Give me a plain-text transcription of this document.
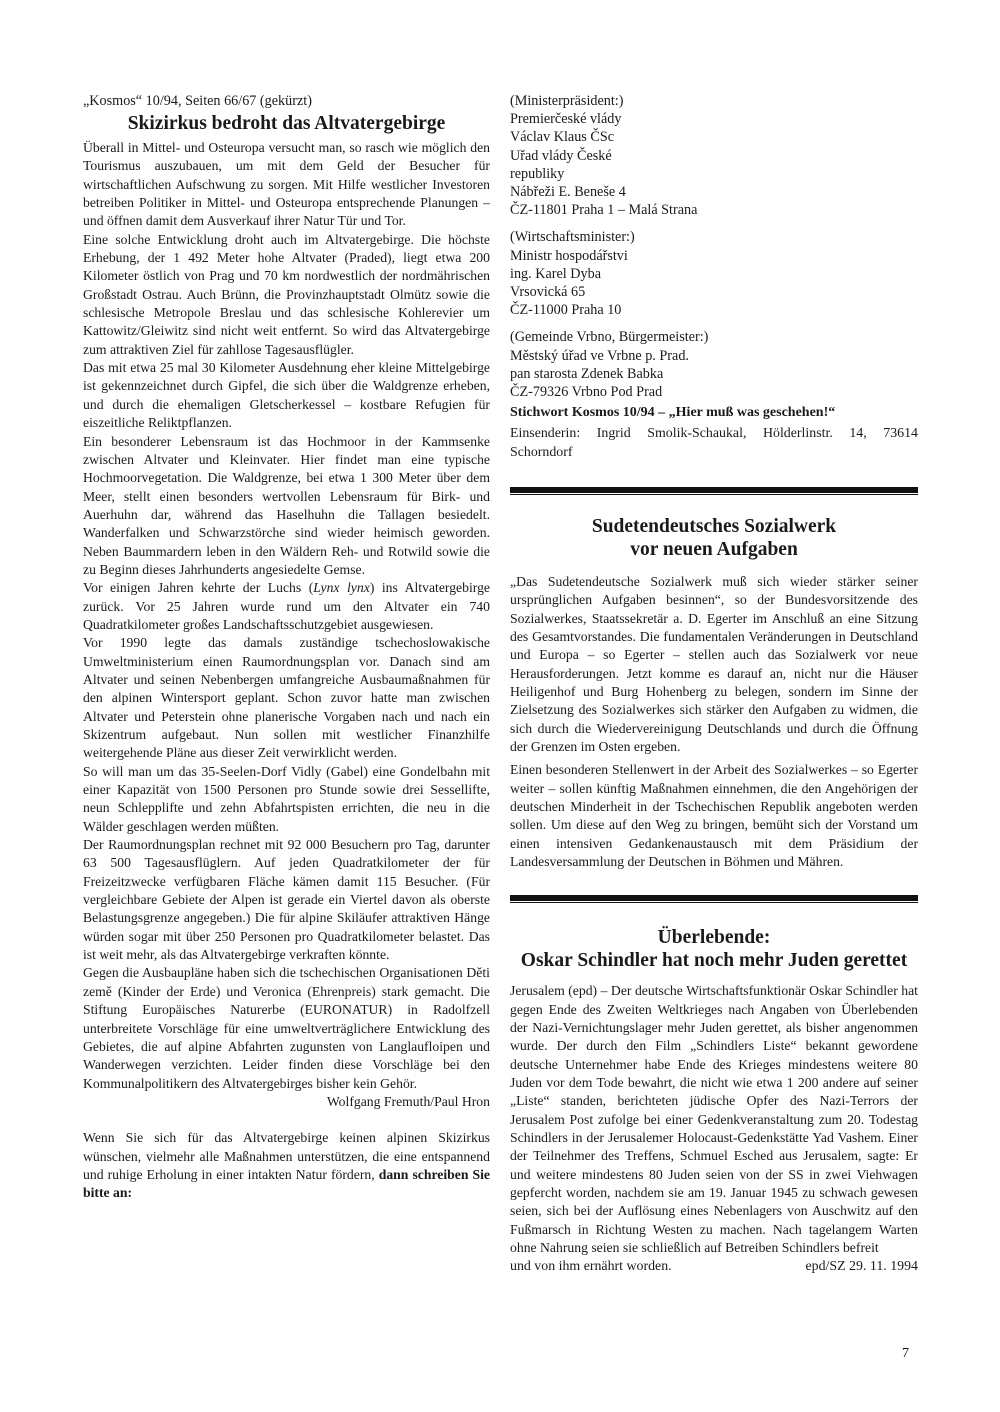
„Kosmos“ 10/94, Seiten 66/67 (gekürzt)

Skizirkus bedroht das Altvatergebirge

Überall in Mittel- und Osteuropa versucht man, so rasch wie möglich den Tourismus auszubauen, um mit dem Geld der Besucher für wirtschaftlichen Aufschwung zu sorgen. Mit Hilfe westlicher Investoren betreiben Politiker in Mittel- und Osteuropa entsprechende Planungen – und öffnen damit dem Ausverkauf ihrer Natur Tür und Tor.

Eine solche Entwicklung droht auch im Altvatergebirge. Die höchste Erhebung, der 1 492 Meter hohe Altvater (Praded), liegt etwa 200 Kilometer östlich von Prag und 70 km nordwestlich der nordmährischen Großstadt Ostrau. Auch Brünn, die Provinzhauptstadt Olmütz sowie die schlesische Metropole Breslau und das schlesische Kohlerevier um Kattowitz/Gleiwitz sind nicht weit entfernt. So wird das Altvatergebirge zum attraktiven Ziel für zahllose Tagesausflügler.

Das mit etwa 25 mal 30 Kilometer Ausdehnung eher kleine Mittelgebirge ist gekennzeichnet durch Gipfel, die sich über die Waldgrenze erheben, und durch die ehemaligen Gletscherkessel – kostbare Refugien für eiszeitliche Reliktpflanzen.

Ein besonderer Lebensraum ist das Hochmoor in der Kammsenke zwischen Altvater und Kleinvater. Hier findet man eine typische Hochmoorvegetation. Die Waldgrenze, bei etwa 1 300 Meter über dem Meer, stellt einen besonders wertvollen Lebensraum für Birk- und Auerhuhn dar, während das Haselhuhn die Tallagen besiedelt. Wanderfalken und Schwarzstörche sind wieder heimisch geworden. Neben Baummardern leben in den Wäldern Reh- und Rotwild sowie die zu Beginn dieses Jahrhunderts angesiedelte Gemse.

Vor einigen Jahren kehrte der Luchs (Lynx lynx) ins Altvatergebirge zurück. Vor 25 Jahren wurde rund um den Altvater ein 740 Quadratkilometer großes Landschaftsschutzgebiet ausgewiesen.

Vor 1990 legte das damals zuständige tschechoslowakische Umweltministerium einen Raumordnungsplan vor. Danach sind am Altvater und seinen Nebenbergen umfangreiche Ausbaumaßnahmen für den alpinen Wintersport geplant. Schon zuvor hatte man zwischen Altvater und Peterstein ohne planerische Vorgaben nach und nach ein Skizentrum aufgebaut. Nun sollen mit westlicher Finanzhilfe weitergehende Pläne aus dieser Zeit verwirklicht werden.

So will man um das 35-Seelen-Dorf Vidly (Gabel) eine Gondelbahn mit einer Kapazität von 1500 Personen pro Stunde sowie drei Sessellifte, neun Schlepplifte und zehn Abfahrtspisten errichten, die neu in die Wälder geschlagen werden müßten.

Der Raumordnungsplan rechnet mit 92 000 Besuchern pro Tag, darunter 63 500 Tagesausflüglern. Auf jeden Quadratkilometer der für Freizeitzwecke verfügbaren Fläche kämen damit 115 Besucher. (Für vergleichbare Gebiete der Alpen ist gerade ein Viertel davon als oberste Belastungsgrenze angegeben.) Die für alpine Skiläufer attraktiven Hänge würden sogar mit über 250 Personen pro Quadratkilometer belastet. Das ist weit mehr, als das Altvatergebirge verkraften könnte.

Gegen die Ausbaupläne haben sich die tschechischen Organisationen Děti země (Kinder der Erde) und Veronica (Ehrenpreis) stark gemacht. Die Stiftung Europäisches Naturerbe (EURONATUR) in Radolfzell unterbreitete Vorschläge für eine umweltverträglichere Entwicklung des Gebietes, die auf alpine Abfahrten zugunsten von Langlaufloipen und Wanderwegen verzichten. Leider finden diese Vorschläge bei den Kommunalpolitikern des Altvatergebirges bisher kein Gehör.

Wolfgang Fremuth/Paul Hron

Wenn Sie sich für das Altvatergebirge keinen alpinen Skizirkus wünschen, vielmehr alle Maßnahmen unterstützen, die eine entspannend und ruhige Erholung in einer intakten Natur fördern, dann schreiben Sie bitte an:

(Ministerpräsident:)
Premierčeské vlády
Václav Klaus ČSc
Uřad vlády České
republiky
Nábřeži E. Beneše 4
ČZ-11801 Praha 1 – Malá Strana
(Wirtschaftsminister:)
Ministr hospodářstvi
ing. Karel Dyba
Vrsovická 65
ČZ-11000 Praha 10
(Gemeinde Vrbno, Bürgermeister:)
Městský úřad ve Vrbne p. Prad.
pan starosta Zdenek Babka
ČZ-79326 Vrbno Pod Prad

Stichwort Kosmos 10/94 – „Hier muß was geschehen!“

Einsenderin: Ingrid Smolik-Schaukal, Hölderlinstr. 14, 73614 Schorndorf

Sudetendeutsches Sozialwerk
vor neuen Aufgaben

„Das Sudetendeutsche Sozialwerk muß sich wieder stärker seiner ursprünglichen Aufgaben besinnen“, so der Bundesvorsitzende des Sozialwerkes, Staatssekretär a. D. Egerter im Anschluß an eine Sitzung des Gesamtvorstandes. Die fundamentalen Veränderungen in Deutschland und Europa – so Egerter – stellen auch das Sozialwerk vor neue Herausforderungen. Jetzt komme es darauf an, nicht nur die Häuser Heiligenhof und Burg Hohenberg zu belegen, sondern im Sinne der Zielsetzung des Sozialwerkes sich stärker den Aufgaben zu widmen, die sich durch die Wiedervereinigung Deutschlands und durch die Öffnung der Grenzen im Osten ergeben.

Einen besonderen Stellenwert in der Arbeit des Sozialwerkes – so Egerter weiter – sollen künftig Maßnahmen einnehmen, die den Angehörigen der deutschen Minderheit in der Tschechischen Republik angeboten werden sollen. Um diese auf den Weg zu bringen, bemüht sich der Vorstand um einen intensiven Gedankenaustausch mit dem Präsidium der Landesversammlung der Deutschen in Böhmen und Mähren.

Überlebende:
Oskar Schindler hat noch mehr Juden gerettet

Jerusalem (epd) – Der deutsche Wirtschaftsfunktionär Oskar Schindler hat gegen Ende des Zweiten Weltkrieges nach Angaben von Überlebenden der Nazi-Vernichtungslager mehr Juden gerettet, als bisher angenommen wurde. Der durch den Film „Schindlers Liste“ bekannt gewordene deutsche Unternehmer habe Ende des Krieges mindestens weitere 80 Juden vor dem Tode bewahrt, die nicht wie etwa 1 200 andere auf seiner „Liste“ standen, berichteten jüdische Opfer des Nazi-Terrors der Jerusalem Post zufolge bei einer Gedenkveranstaltung zum 20. Todestag Schindlers in der Jerusalemer Holocaust-Gedenkstätte Yad Vashem. Einer der Teilnehmer des Treffens, Schmuel Esched aus Jerusalem, sagte: Er und weitere mindestens 80 Juden seien von der SS in zwei Viehwagen gepfercht worden, nachdem sie am 19. Januar 1945 zu schwach gewesen seien, sich bei der Auflösung eines Nebenlagers von Auschwitz auf den Fußmarsch in Richtung Westen zu machen. Nach tagelangem Warten ohne Nahrung seien sie schließlich auf Betreiben Schindlers befreit

und von ihm ernährt worden.	epd/SZ 29. 11. 1994
7
